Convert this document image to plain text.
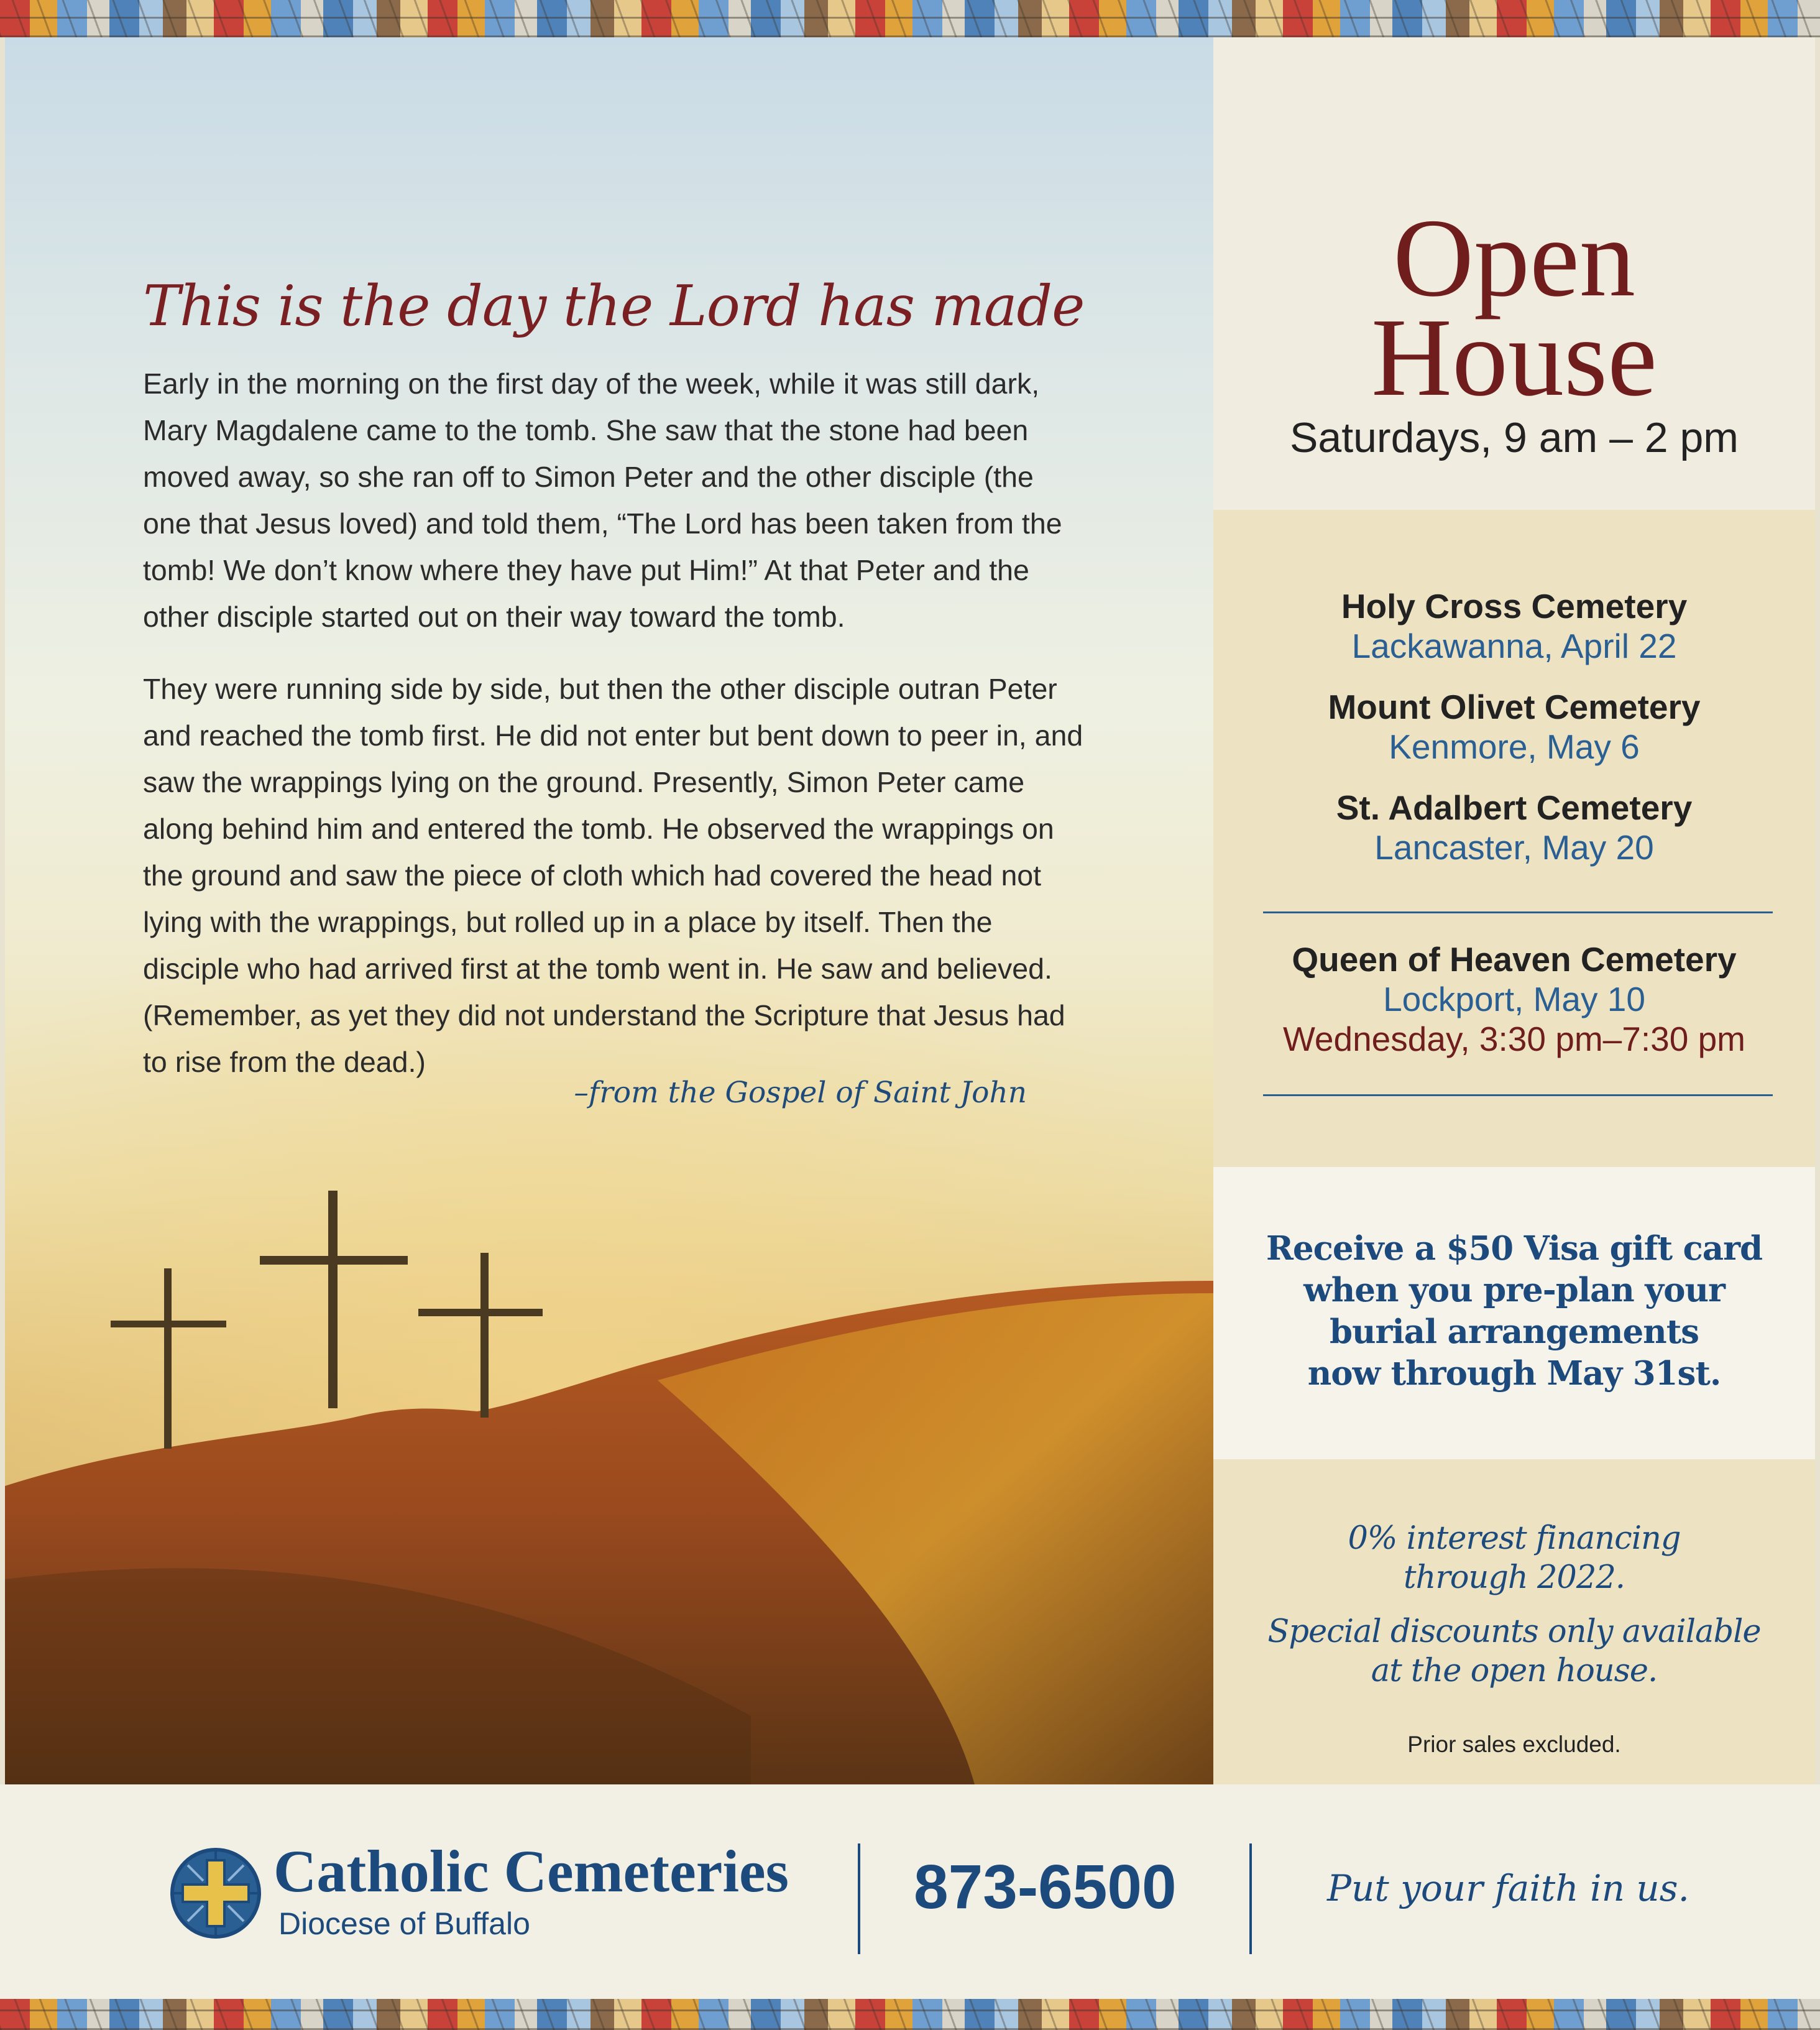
This is the day the Lord has made

Early in the morning on the first day of the week, while it was still dark, Mary Magdalene came to the tomb. She saw that the stone had been moved away, so she ran off to Simon Peter and the other disciple (the one that Jesus loved) and told them, “The Lord has been taken from the tomb! We don’t know where they have put Him!” At that Peter and the other disciple started out on their way toward the tomb.

They were running side by side, but then the other disciple outran Peter and reached the tomb first. He did not enter but bent down to peer in, and saw the wrappings lying on the ground. Presently, Simon Peter came along behind him and entered the tomb. He observed the wrappings on the ground and saw the piece of cloth which had covered the head not lying with the wrappings, but rolled up in a place by itself. Then the disciple who had arrived first at the tomb went in. He saw and believed. (Remember, as yet they did not understand the Scripture that Jesus had to rise from the dead.)

–from the Gospel of Saint John

Open
House

Saturdays, 9 am – 2 pm

Holy Cross Cemetery
Lackawanna, April 22
Mount Olivet Cemetery
Kenmore, May 6
St. Adalbert Cemetery
Lancaster, May 20
Queen of Heaven Cemetery
Lockport, May 10
Wednesday, 3:30 pm–7:30 pm

Receive a $50 Visa gift card
when you pre-plan your
burial arrangements
now through May 31st.

0% interest financing
through 2022.

Special discounts only available
at the open house.

Prior sales excluded.
Catholic Cemeteries
Diocese of Buffalo
873-6500	Put your faith in us.
